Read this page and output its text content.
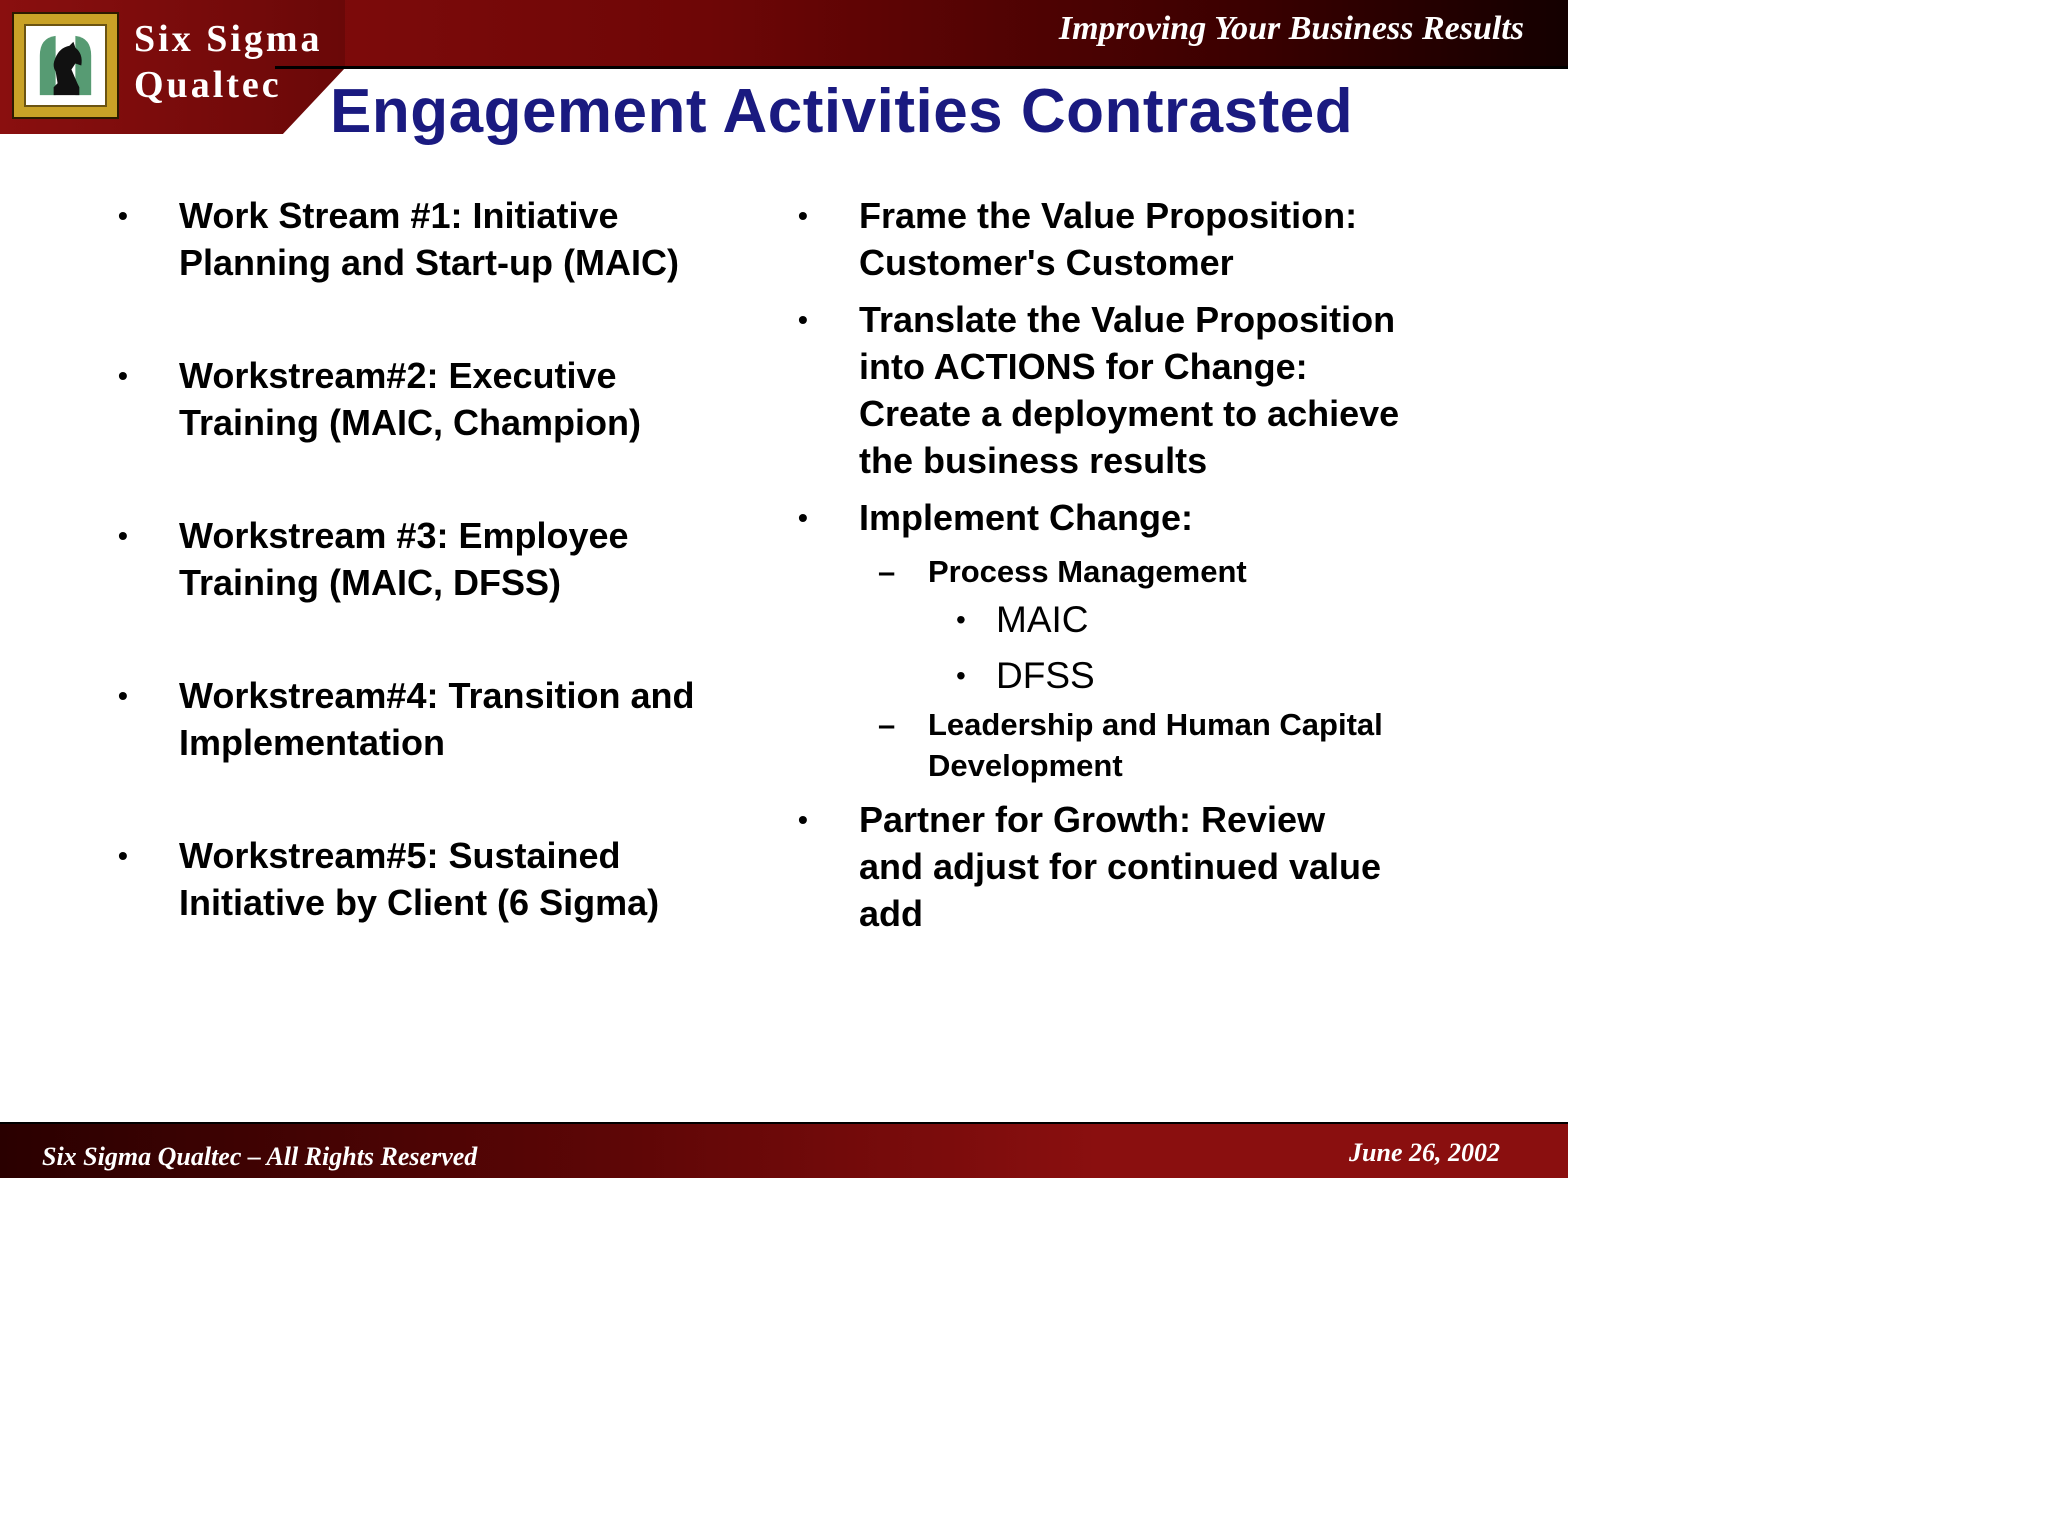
Six Sigma
Qualtec
Improving Your Business Results
Engagement Activities Contrasted
• Work Stream #1: Initiative
Planning and Start-up (MAIC)
• Workstream#2: Executive
Training (MAIC, Champion)
• Workstream #3: Employee
Training (MAIC, DFSS)
• Workstream#4: Transition and
Implementation
• Workstream#5: Sustained
Initiative by Client (6 Sigma)
• Frame the Value Proposition:
Customer's Customer
• Translate the Value Proposition
into ACTIONS for Change:
Create a deployment to achieve
the business results
• Implement Change:
– Process Management
• MAIC
• DFSS
– Leadership and Human Capital
Development
• Partner for Growth: Review
and adjust for continued value
add
Six Sigma Qualtec – All Rights Reserved	June 26, 2002
